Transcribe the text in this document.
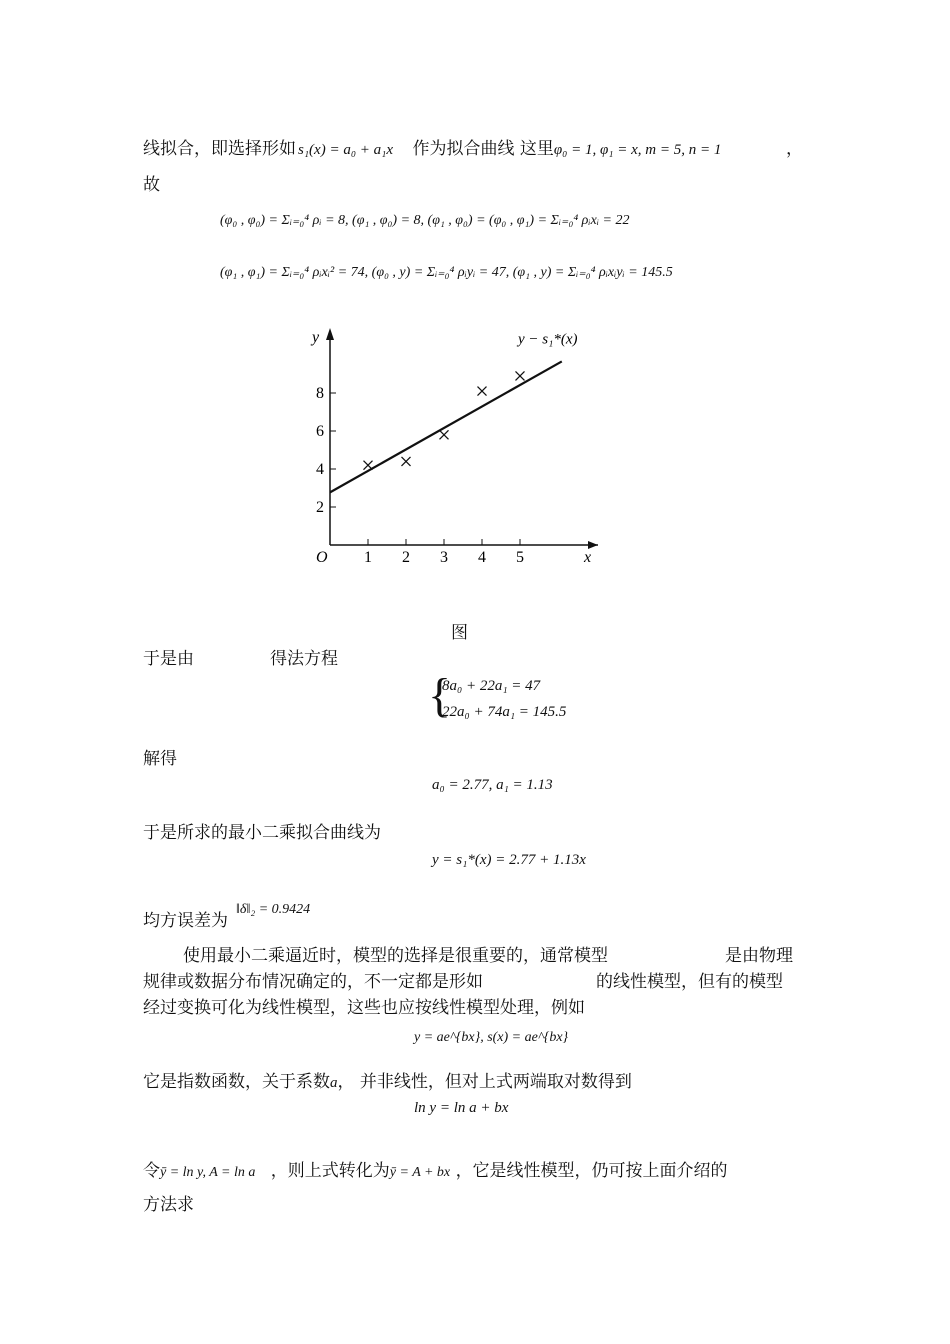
线拟合，即选择形如 s₁(x) = a₀ + a₁x 作为拟合曲线 这里φ₀ = 1, φ₁ = x, m = 5, n = 1	，
故
(φ₀ , φ₀) = Σᵢ₌₀⁴ ρᵢ = 8, (φ₁ , φ₀) = 8, (φ₁ , φ₀) = (φ₀ , φ₁) = Σᵢ₌₀⁴ ρᵢxᵢ = 22
(φ₁ , φ₁) = Σᵢ₌₀⁴ ρᵢxᵢ² = 74, (φ₀ , y) = Σᵢ₌₀⁴ ρᵢyᵢ = 47, (φ₁ , y) = Σᵢ₌₀⁴ ρᵢxᵢyᵢ = 145.5
x
y
O 1 2 3 4 5
2
4
6
8
y − s₁*(x)
图
于是由	得法方程
{
8a₀ + 22a₁ = 47
22a₀ + 74a₁ = 145.5
解得
a₀ = 2.77, a₁ = 1.13
于是所求的最小二乘拟合曲线为
y = s₁*(x) = 2.77 + 1.13x
均方误差为
‖δ‖₂ = 0.9424
使用最小二乘逼近时，模型的选择是很重要的，通常模型	是由物理
规律或数据分布情况确定的，不一定都是形如	的线性模型，但有的模型
经过变换可化为线性模型，这些也应按线性模型处理，例如
y = ae^{bx}, s(x) = ae^{bx}
它是指数函数，关于系数a， 并非线性，但对上式两端取对数得到
ln y = ln a + bx
令ȳ = ln y, A = ln a ，则上式转化为ȳ = A + bx ，它是线性模型，仍可按上面介绍的
方法求
